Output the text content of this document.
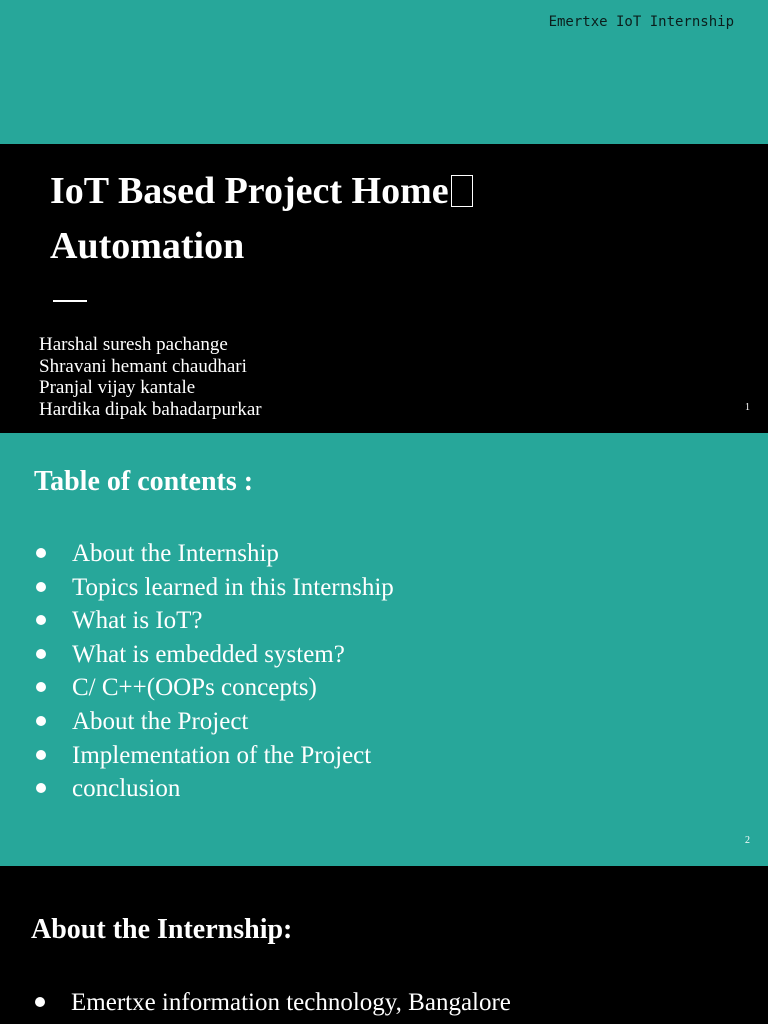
Emertxe IoT Internship
IoT Based Project Home
Automation
Harshal suresh pachange
Shravani hemant chaudhari
Pranjal vijay kantale
Hardika dipak bahadarpurkar	1
Table of contents :
About the Internship
Topics learned in this Internship
What is IoT?
What is embedded system?
C/ C++(OOPs concepts)
About the Project
Implementation of the Project
conclusion
2
About the Internship:
Emertxe information technology, Bangalore
